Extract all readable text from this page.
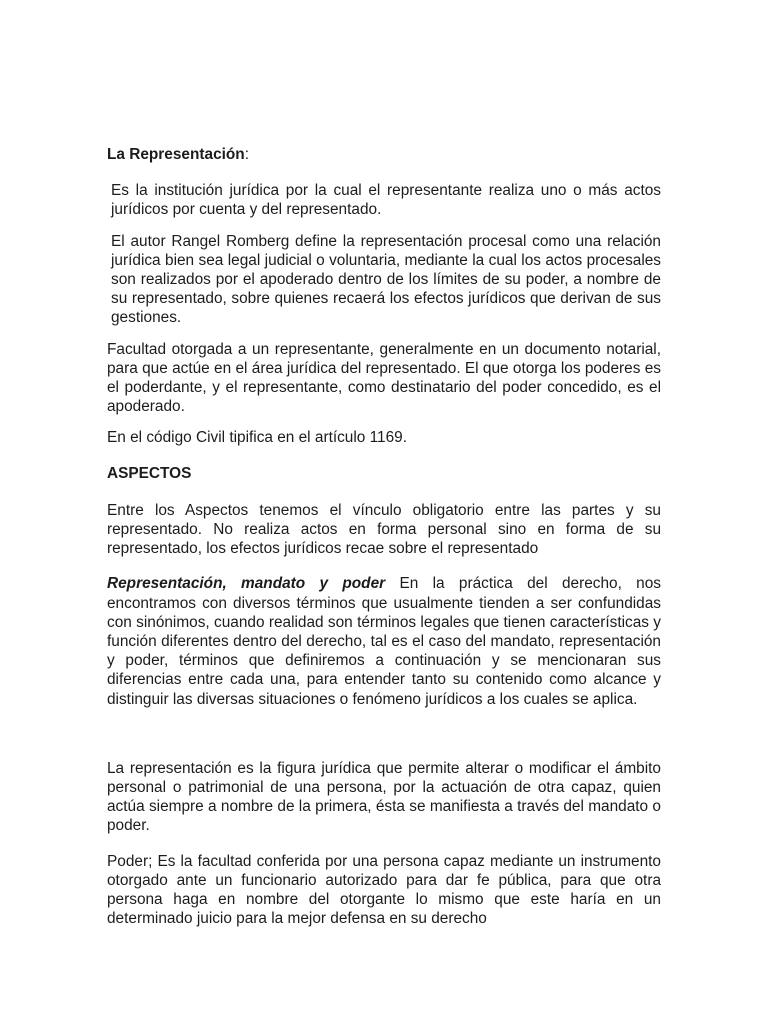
La Representación:

Es la institución jurídica por la cual el representante realiza uno o más actos jurídicos por cuenta y del representado.

El autor Rangel Romberg define la representación procesal como una relación jurídica bien sea legal judicial o voluntaria, mediante la cual los actos procesales son realizados por el apoderado dentro de los límites de su poder, a nombre de su representado, sobre quienes recaerá los efectos jurídicos que derivan de sus gestiones.

Facultad otorgada a un representante, generalmente en un documento notarial, para que actúe en el área jurídica del representado. El que otorga los poderes es el poderdante, y el representante, como destinatario del poder concedido, es el apoderado.

En el código Civil tipifica en el artículo 1169.

ASPECTOS

Entre los Aspectos tenemos el vínculo obligatorio entre las partes y su representado. No realiza actos en forma personal sino en forma de su representado, los efectos jurídicos recae sobre el representado

Representación, mandato y poder En la práctica del derecho, nos encontramos con diversos términos que usualmente tienden a ser confundidas con sinónimos, cuando realidad son términos legales que tienen características y función diferentes dentro del derecho, tal es el caso del mandato, representación y poder, términos que definiremos a continuación y se mencionaran sus diferencias entre cada una, para entender tanto su contenido como alcance y distinguir las diversas situaciones o fenómeno jurídicos a los cuales se aplica.

La representación es la figura jurídica que permite alterar o modificar el ámbito personal o patrimonial de una persona, por la actuación de otra capaz, quien actúa siempre a nombre de la primera, ésta se manifiesta a través del mandato o poder.

Poder; Es la facultad conferida por una persona capaz mediante un instrumento otorgado ante un funcionario autorizado para dar fe pública, para que otra persona haga en nombre del otorgante lo mismo que este haría en un determinado juicio para la mejor defensa en su derecho
